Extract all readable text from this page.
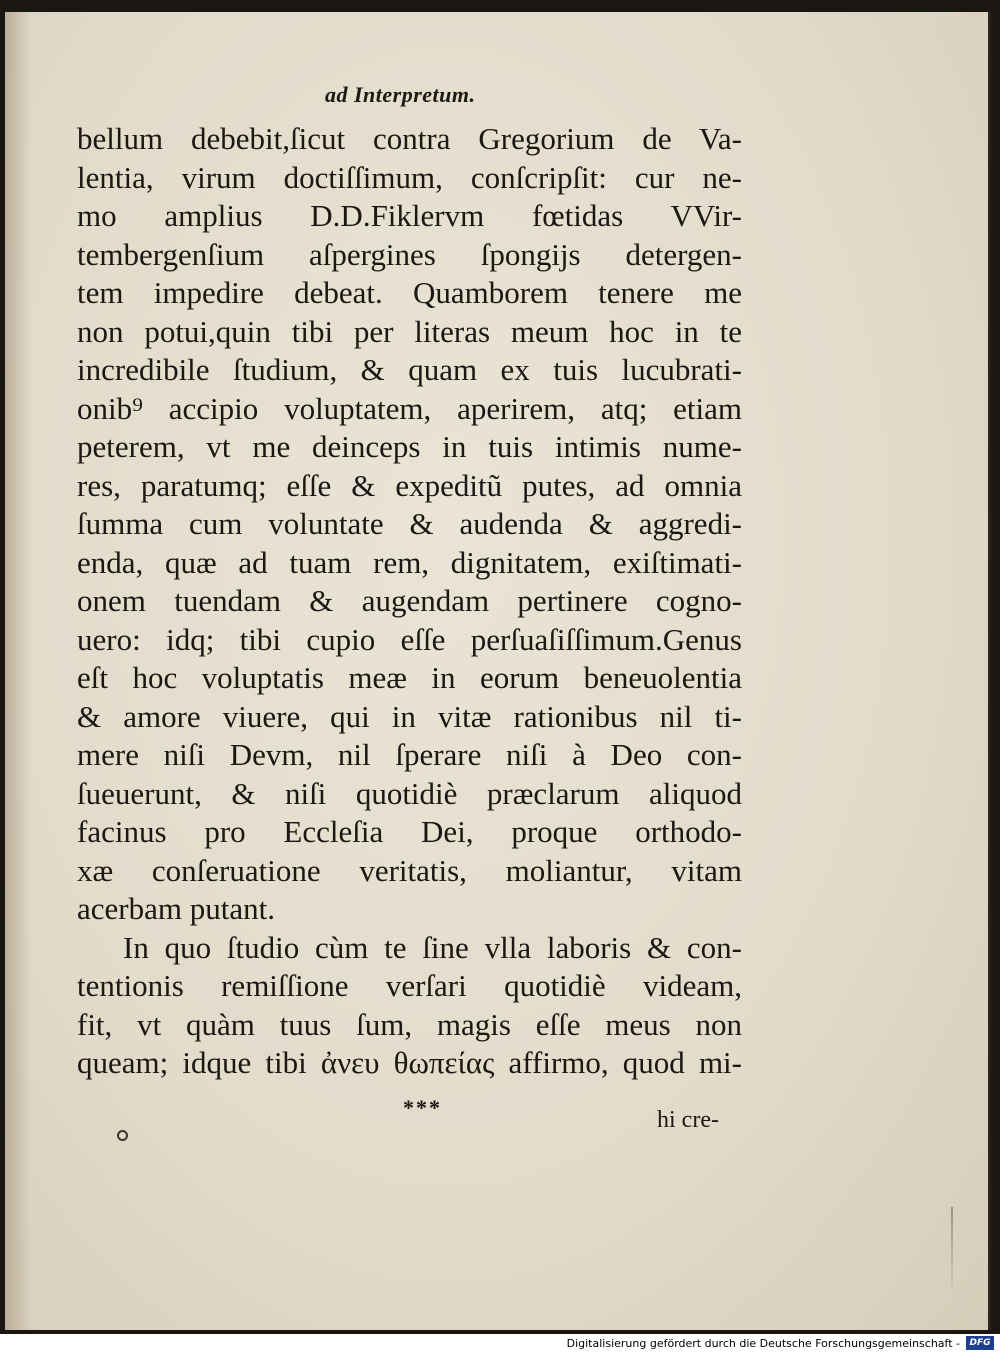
ad Interpretum.
bellum debebit,ſicut contra Gregorium de Va-
lentia, virum doctiſſimum, conſcripſit: cur ne-
mo amplius D.D.Fiklervm fœtidas VVir-
tembergenſium aſpergines ſpongijs detergen-
tem impedire debeat. Quamborem tenere me
non potui,quin tibi per literas meum hoc in te
incredibile ſtudium, & quam ex tuis lucubrati-
onib⁹ accipio voluptatem, aperirem, atq; etiam
peterem, vt me deinceps in tuis intimis nume-
res, paratumq; eſſe & expeditũ putes, ad omnia
ſumma cum voluntate & audenda & aggredi-
enda, quæ ad tuam rem, dignitatem, exiſtimati-
onem tuendam & augendam pertinere cogno-
uero: idq; tibi cupio eſſe perſuaſiſſimum.Genus
eſt hoc voluptatis meæ in eorum beneuolentia
& amore viuere, qui in vitæ rationibus nil ti-
mere niſi Devm, nil ſperare niſi à Deo con-
ſueuerunt, & niſi quotidiè præclarum aliquod
facinus pro Eccleſia Dei, proque orthodo-
xæ conſeruatione veritatis, moliantur, vitam
acerbam putant.
In quo ſtudio cùm te ſine vlla laboris & con-
tentionis remiſſione verſari quotidiè videam,
fit, vt quàm tuus ſum, magis eſſe meus non
queam; idque tibi ἀνευ θωπείας affirmo, quod mi-
***	hi cre-
Digitalisierung gefördert durch die Deutsche Forschungsgemeinschaft -	DFG
